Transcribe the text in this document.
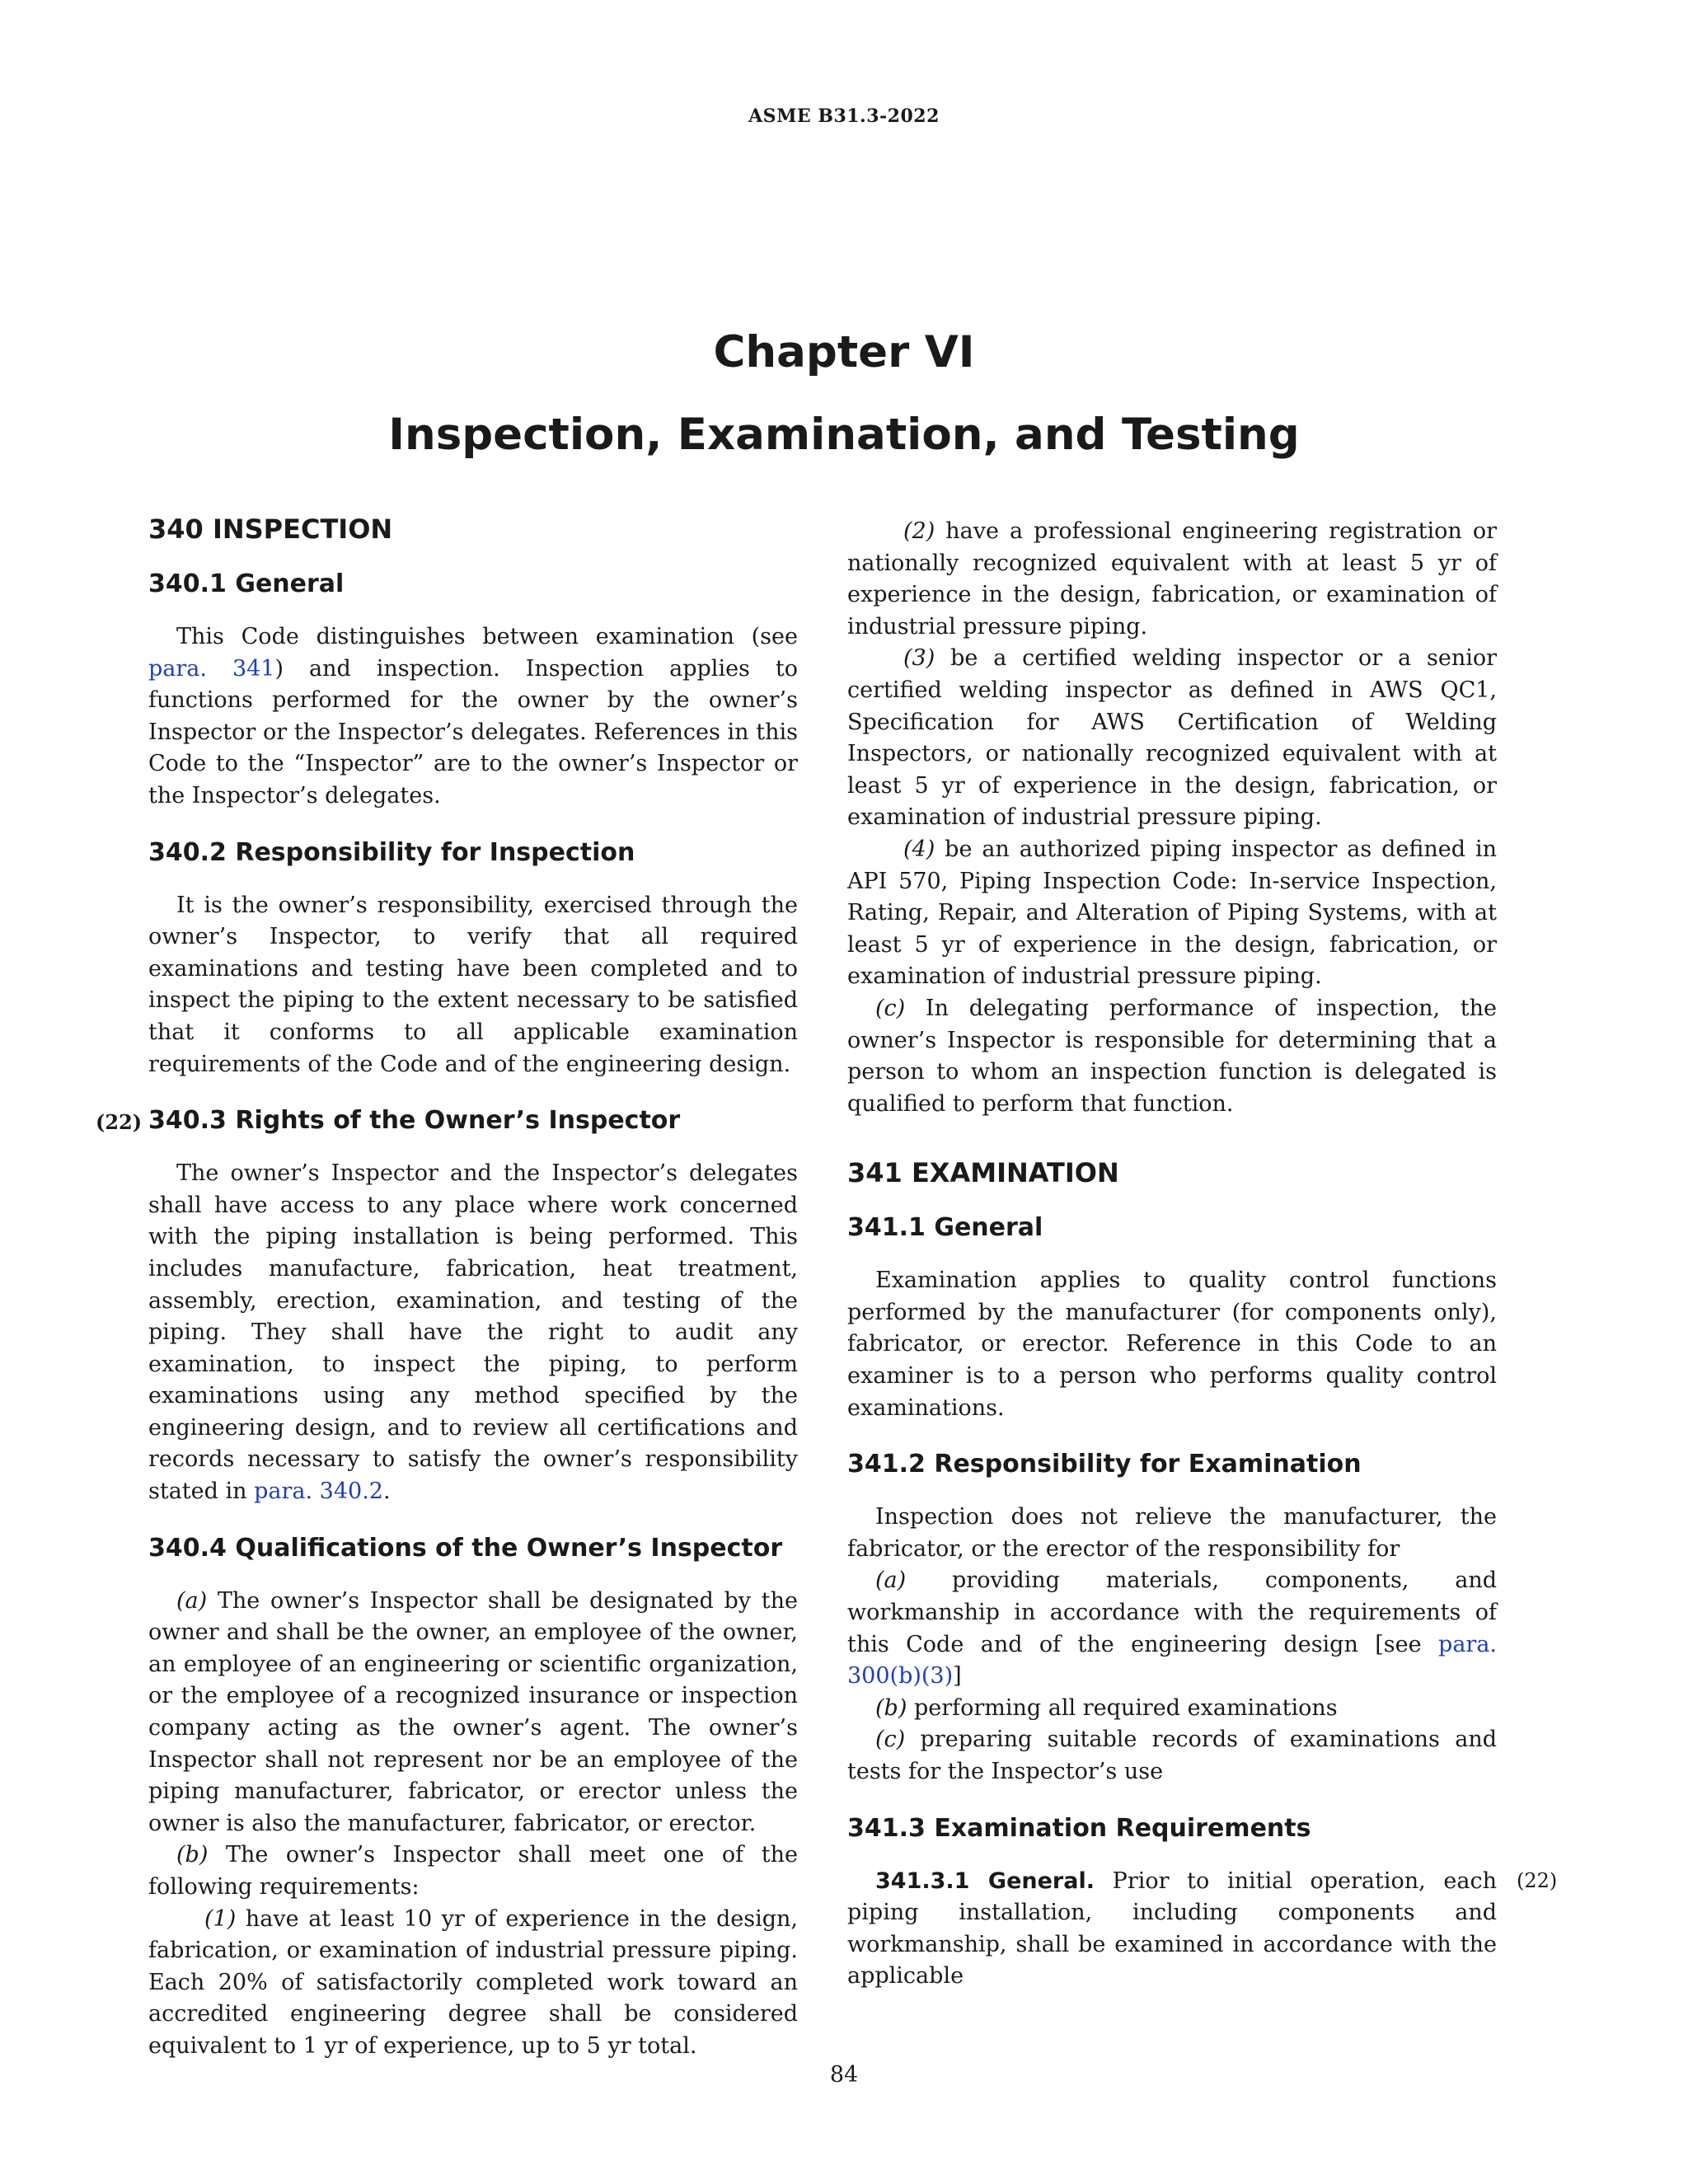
ASME B31.3-2022
Chapter VI
Inspection, Examination, and Testing
340 INSPECTION
340.1 General

This Code distinguishes between examination (see para. 341) and inspection. Inspection applies to functions performed for the owner by the owner’s Inspector or the Inspector’s delegates. References in this Code to the “Inspector” are to the owner’s Inspector or the Inspector’s delegates.

340.2 Responsibility for Inspection

It is the owner’s responsibility, exercised through the owner’s Inspector, to verify that all required examinations and testing have been completed and to inspect the piping to the extent necessary to be satisfied that it conforms to all applicable examination requirements of the Code and of the engineering design.

(22) 340.3 Rights of the Owner’s Inspector

The owner’s Inspector and the Inspector’s delegates shall have access to any place where work concerned with the piping installation is being performed. This includes manufacture, fabrication, heat treatment, assembly, erection, examination, and testing of the piping. They shall have the right to audit any examination, to inspect the piping, to perform examinations using any method specified by the engineering design, and to review all certifications and records necessary to satisfy the owner’s responsibility stated in para. 340.2.

340.4 Qualifications of the Owner’s Inspector

(a) The owner’s Inspector shall be designated by the owner and shall be the owner, an employee of the owner, an employee of an engineering or scientific organization, or the employee of a recognized insurance or inspection company acting as the owner’s agent. The owner’s Inspector shall not represent nor be an employee of the piping manufacturer, fabricator, or erector unless the owner is also the manufacturer, fabricator, or erector.

(b) The owner’s Inspector shall meet one of the following requirements:

(1) have at least 10 yr of experience in the design, fabrication, or examination of industrial pressure piping. Each 20% of satisfactorily completed work toward an accredited engineering degree shall be considered equivalent to 1 yr of experience, up to 5 yr total.

(2) have a professional engineering registration or nationally recognized equivalent with at least 5 yr of experience in the design, fabrication, or examination of industrial pressure piping.

(3) be a certified welding inspector or a senior certified welding inspector as defined in AWS QC1, Specification for AWS Certification of Welding Inspectors, or nationally recognized equivalent with at least 5 yr of experience in the design, fabrication, or examination of industrial pressure piping.

(4) be an authorized piping inspector as defined in API 570, Piping Inspection Code: In-service Inspection, Rating, Repair, and Alteration of Piping Systems, with at least 5 yr of experience in the design, fabrication, or examination of industrial pressure piping.

(c) In delegating performance of inspection, the owner’s Inspector is responsible for determining that a person to whom an inspection function is delegated is qualified to perform that function.

341 EXAMINATION
341.1 General

Examination applies to quality control functions performed by the manufacturer (for components only), fabricator, or erector. Reference in this Code to an examiner is to a person who performs quality control examinations.

341.2 Responsibility for Examination

Inspection does not relieve the manufacturer, the fabricator, or the erector of the responsibility for

(a) providing materials, components, and workmanship in accordance with the requirements of this Code and of the engineering design [see para. 300(b)(3)]

(b) performing all required examinations

(c) preparing suitable records of examinations and tests for the Inspector’s use

341.3 Examination Requirements
(22)

341.3.1 General. Prior to initial operation, each piping installation, including components and workmanship, shall be examined in accordance with the applicable

84
